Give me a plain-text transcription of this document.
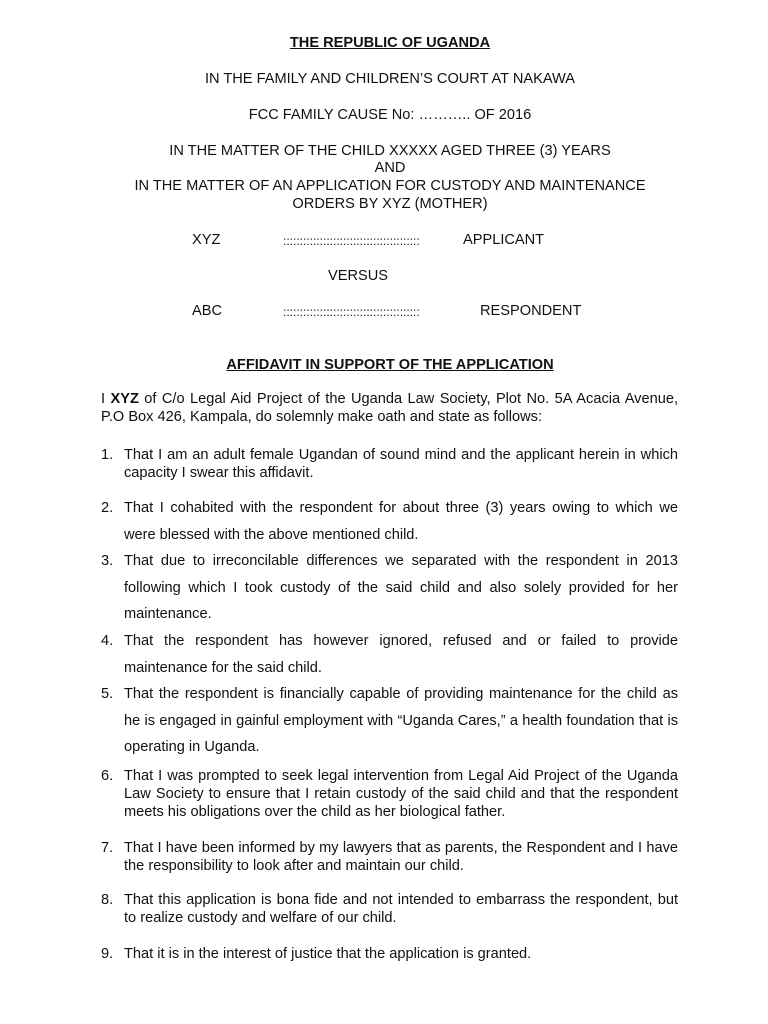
THE REPUBLIC OF UGANDA
IN THE FAMILY AND CHILDREN’S COURT AT NAKAWA
FCC FAMILY CAUSE No: ……….. OF 2016
IN THE MATTER OF THE CHILD XXXXX AGED THREE (3) YEARS
AND
IN THE MATTER OF AN APPLICATION FOR CUSTODY AND MAINTENANCE
ORDERS BY XYZ (MOTHER)
XYZ	:::::::::::::::::::::::::::::::::::::::::	APPLICANT
VERSUS
ABC	:::::::::::::::::::::::::::::::::::::::::	RESPONDENT
AFFIDAVIT IN SUPPORT OF THE APPLICATION
I XYZ of C/o Legal Aid Project of the Uganda Law Society, Plot No. 5A Acacia Avenue, P.O Box 426, Kampala, do solemnly make oath and state as follows:
1. That I am an adult female Ugandan of sound mind and the applicant herein in which capacity I swear this affidavit.
2. That I cohabited with the respondent for about three (3) years owing to which we were blessed with the above mentioned child.
3. That due to irreconcilable differences we separated with the respondent in 2013 following which I took custody of the said child and also solely provided for her maintenance.
4. That the respondent has however ignored, refused and or failed to provide maintenance for the said child.
5. That the respondent is financially capable of providing maintenance for the child as he is engaged in gainful employment with “Uganda Cares,” a health foundation that is operating in Uganda.
6. That I was prompted to seek legal intervention from Legal Aid Project of the Uganda Law Society to ensure that I retain custody of the said child and that the respondent meets his obligations over the child as her biological father.
7. That I have been informed by my lawyers that as parents, the Respondent and I have the responsibility to look after and maintain our child.
8. That this application is bona fide and not intended to embarrass the respondent, but to realize custody and welfare of our child.
9. That it is in the interest of justice that the application is granted.
